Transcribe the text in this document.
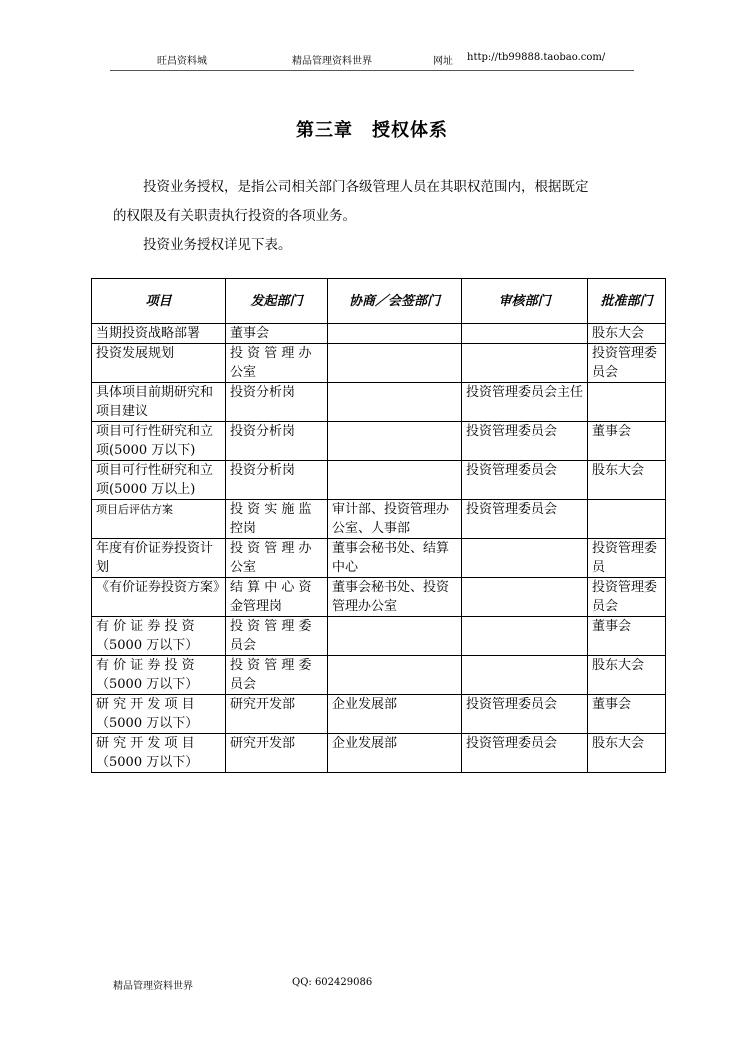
旺昌资料城	精品管理资料世界	网址 http://tb99888.taobao.com/
第三章　授权体系
投资业务授权，是指公司相关部门各级管理人员在其职权范围内，根据既定
的权限及有关职责执行投资的各项业务。
投资业务授权详见下表。
项目	发起部门	协商／会签部门	审核部门	批准部门
当期投资战略部署	董事会			股东大会
投资发展规划	投 资 管 理 办公室			投资管理委员会
具体项目前期研究和项目建议	投资分析岗		投资管理委员会主任	
项目可行性研究和立项(5000 万以下)	投资分析岗		投资管理委员会	董事会
项目可行性研究和立项(5000 万以上)	投资分析岗		投资管理委员会	股东大会
项目后评估方案	投 资 实 施 监控岗	审计部、投资管理办公室、人事部	投资管理委员会	
年度有价证券投资计划	投 资 管 理 办公室	董事会秘书处、结算中心		投资管理委员
《有价证券投资方案》	结 算 中 心 资金管理岗	董事会秘书处、投资管理办公室		投资管理委员会
有 价 证 券 投 资（5000 万以下）	投 资 管 理 委员会			董事会
有 价 证 券 投 资（5000 万以下）	投 资 管 理 委员会			股东大会
研 究 开 发 项 目（5000 万以下）	研究开发部	企业发展部	投资管理委员会	董事会
研 究 开 发 项 目（5000 万以下）	研究开发部	企业发展部	投资管理委员会	股东大会
精品管理资料世界	QQ: 602429086
